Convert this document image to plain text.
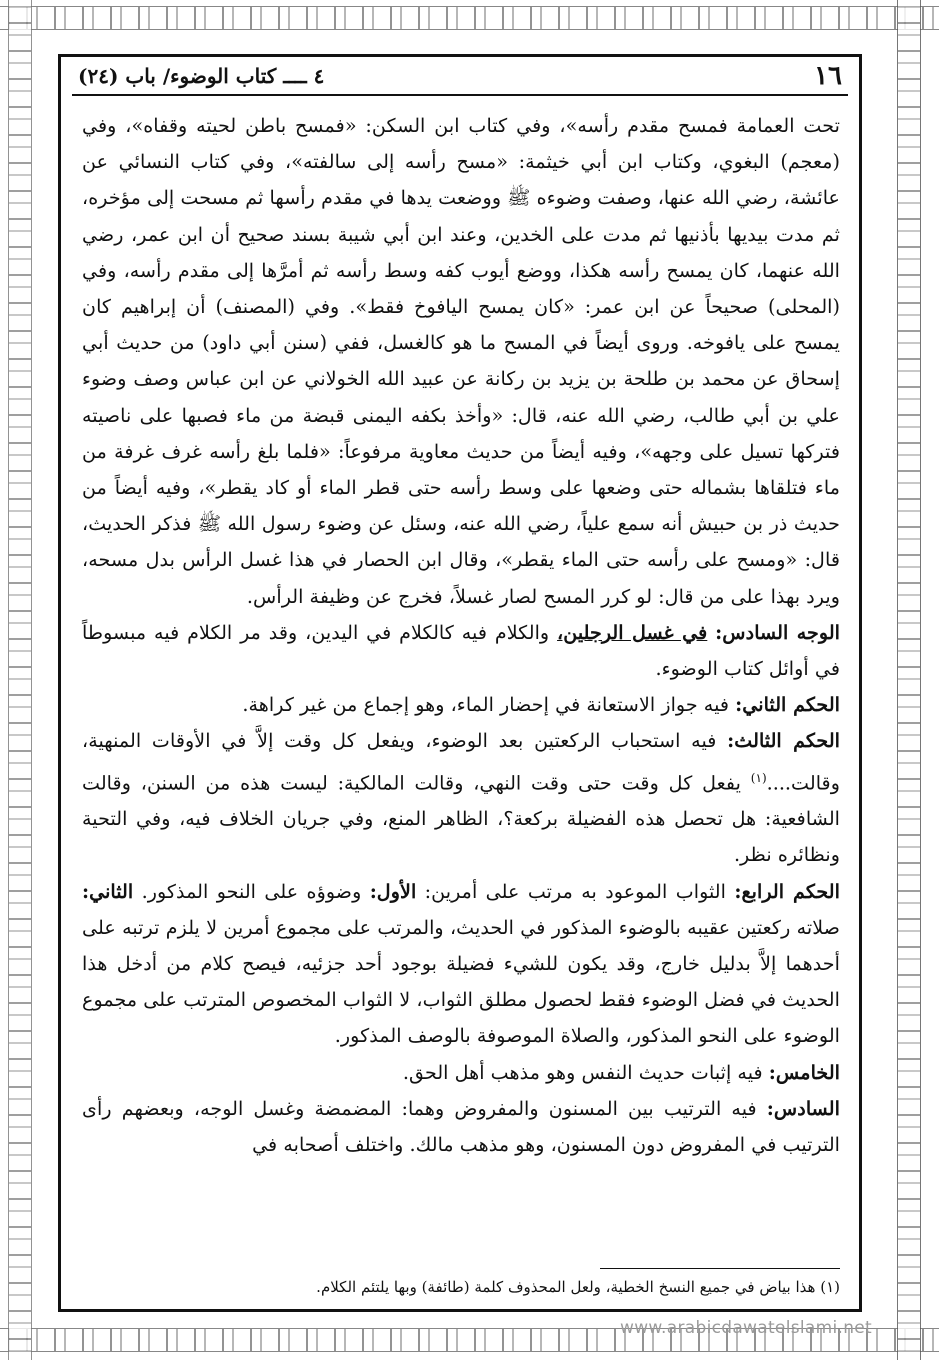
١٦
٤ ــــ كتاب الوضوء/ باب (٢٤)

تحت العمامة فمسح مقدم رأسه»، وفي كتاب ابن السكن: «فمسح باطن لحيته وقفاه»، وفي (معجم) البغوي، وكتاب ابن أبي خيثمة: «مسح رأسه إلى سالفته»، وفي كتاب النسائي عن عائشة، رضي الله عنها، وصفت وضوءه ﷺ ووضعت يدها في مقدم رأسها ثم مسحت إلى مؤخره، ثم مدت بيديها بأذنيها ثم مدت على الخدين، وعند ابن أبي شيبة بسند صحيح أن ابن عمر، رضي الله عنهما، كان يمسح رأسه هكذا، ووضع أيوب كفه وسط رأسه ثم أمرَّها إلى مقدم رأسه، وفي (المحلى) صحيحاً عن ابن عمر: «كان يمسح اليافوخ فقط». وفي (المصنف) أن إبراهيم كان يمسح على يافوخه. وروى أيضاً في المسح ما هو كالغسل، ففي (سنن أبي داود) من حديث أبي إسحاق عن محمد بن طلحة بن يزيد بن ركانة عن عبيد الله الخولاني عن ابن عباس وصف وضوء علي بن أبي طالب، رضي الله عنه، قال: «وأخذ بكفه اليمنى قبضة من ماء فصبها على ناصيته فتركها تسيل على وجهه»، وفيه أيضاً من حديث معاوية مرفوعاً: «فلما بلغ رأسه غرف غرفة من ماء فتلقاها بشماله حتى وضعها على وسط رأسه حتى قطر الماء أو كاد يقطر»، وفيه أيضاً من حديث ذر بن حبيش أنه سمع علياً، رضي الله عنه، وسئل عن وضوء رسول الله ﷺ فذكر الحديث، قال: «ومسح على رأسه حتى الماء يقطر»، وقال ابن الحصار في هذا غسل الرأس بدل مسحه، ويرد بهذا على من قال: لو كرر المسح لصار غسلاً، فخرج عن وظيفة الرأس.

الوجه السادس: في غسل الرجلين، والكلام فيه كالكلام في اليدين، وقد مر الكلام فيه مبسوطاً في أوائل كتاب الوضوء.

الحكم الثاني: فيه جواز الاستعانة في إحضار الماء، وهو إجماع من غير كراهة.

الحكم الثالث: فيه استحباب الركعتين بعد الوضوء، ويفعل كل وقت إلاَّ في الأوقات المنهية، وقالت....$^{(١)}$ يفعل كل وقت حتى وقت النهي، وقالت المالكية: ليست هذه من السنن، وقالت الشافعية: هل تحصل هذه الفضيلة بركعة؟، الظاهر المنع، وفي جريان الخلاف فيه، وفي التحية ونظائره نظر.

الحكم الرابع: الثواب الموعود به مرتب على أمرين: الأول: وضوؤه على النحو المذكور. الثاني: صلاته ركعتين عقيبه بالوضوء المذكور في الحديث، والمرتب على مجموع أمرين لا يلزم ترتبه على أحدهما إلاَّ بدليل خارج، وقد يكون للشيء فضيلة بوجود أحد جزئيه، فيصح كلام من أدخل هذا الحديث في فضل الوضوء فقط لحصول مطلق الثواب، لا الثواب المخصوص المترتب على مجموع الوضوء على النحو المذكور، والصلاة الموصوفة بالوصف المذكور.

الخامس: فيه إثبات حديث النفس وهو مذهب أهل الحق.

السادس: فيه الترتيب بين المسنون والمفروض وهما: المضمضة وغسل الوجه، وبعضهم رأى الترتيب في المفروض دون المسنون، وهو مذهب مالك. واختلف أصحابه في

(١) هذا بياض في جميع النسخ الخطية، ولعل المحذوف كلمة (طائفة) وبها يلتئم الكلام.
www.arabicdawatelslami.net
